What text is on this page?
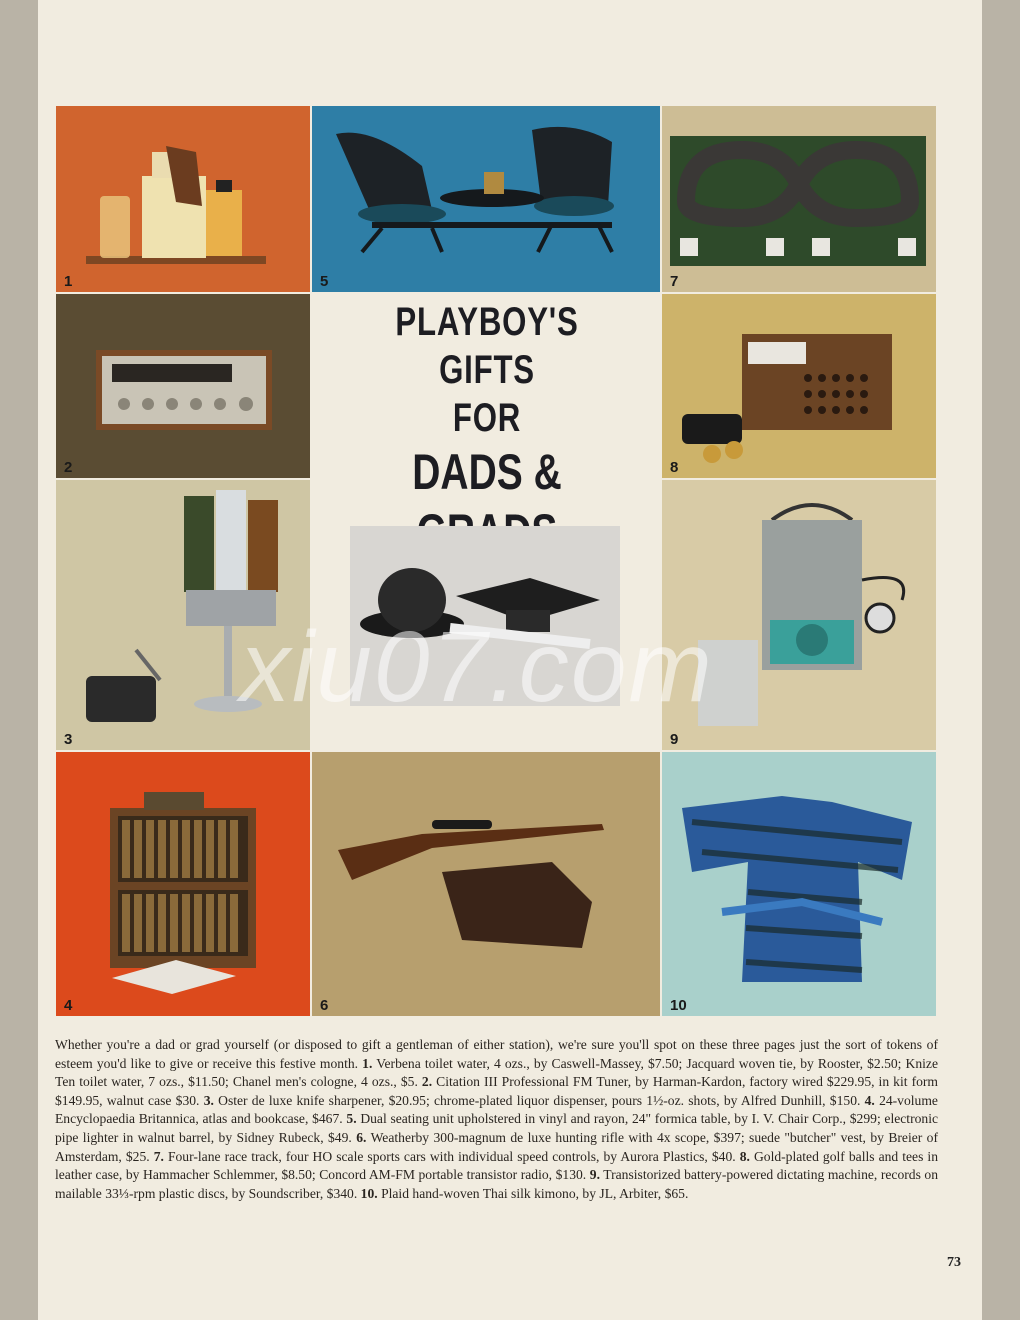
1
2
3
4
5
PLAYBOY'S
GIFTS
FOR
DADS &
6
7
8
9
10
xiu07.com
Whether you're a dad or grad yourself (or disposed to gift a gentleman of either station), we're sure you'll spot on these three pages just the sort of tokens of esteem you'd like to give or receive this festive month. 1. Verbena toilet water, 4 ozs., by Caswell-Massey, $7.50; Jacquard woven tie, by Rooster, $2.50; Knize Ten toilet water, 7 ozs., $11.50; Chanel men's cologne, 4 ozs., $5. 2. Citation III Professional FM Tuner, by Harman-Kardon, factory wired $229.95, in kit form $149.95, walnut case $30. 3. Oster de luxe knife sharpener, $20.95; chrome-plated liquor dispenser, pours 1½-oz. shots, by Alfred Dunhill, $150. 4. 24-volume Encyclopaedia Britannica, atlas and bookcase, $467. 5. Dual seating unit upholstered in vinyl and rayon, 24" formica table, by I. V. Chair Corp., $299; electronic pipe lighter in walnut barrel, by Sidney Rubeck, $49. 6. Weatherby 300-magnum de luxe hunting rifle with 4x scope, $397; suede "butcher" vest, by Breier of Amsterdam, $25. 7. Four-lane race track, four HO scale sports cars with individual speed controls, by Aurora Plastics, $40. 8. Gold-plated golf balls and tees in leather case, by Hammacher Schlemmer, $8.50; Concord AM-FM portable transistor radio, $130. 9. Transistorized battery-powered dictating machine, records on mailable 33⅓-rpm plastic discs, by Soundscriber, $340. 10. Plaid hand-woven Thai silk kimono, by JL, Arbiter, $65.
73
